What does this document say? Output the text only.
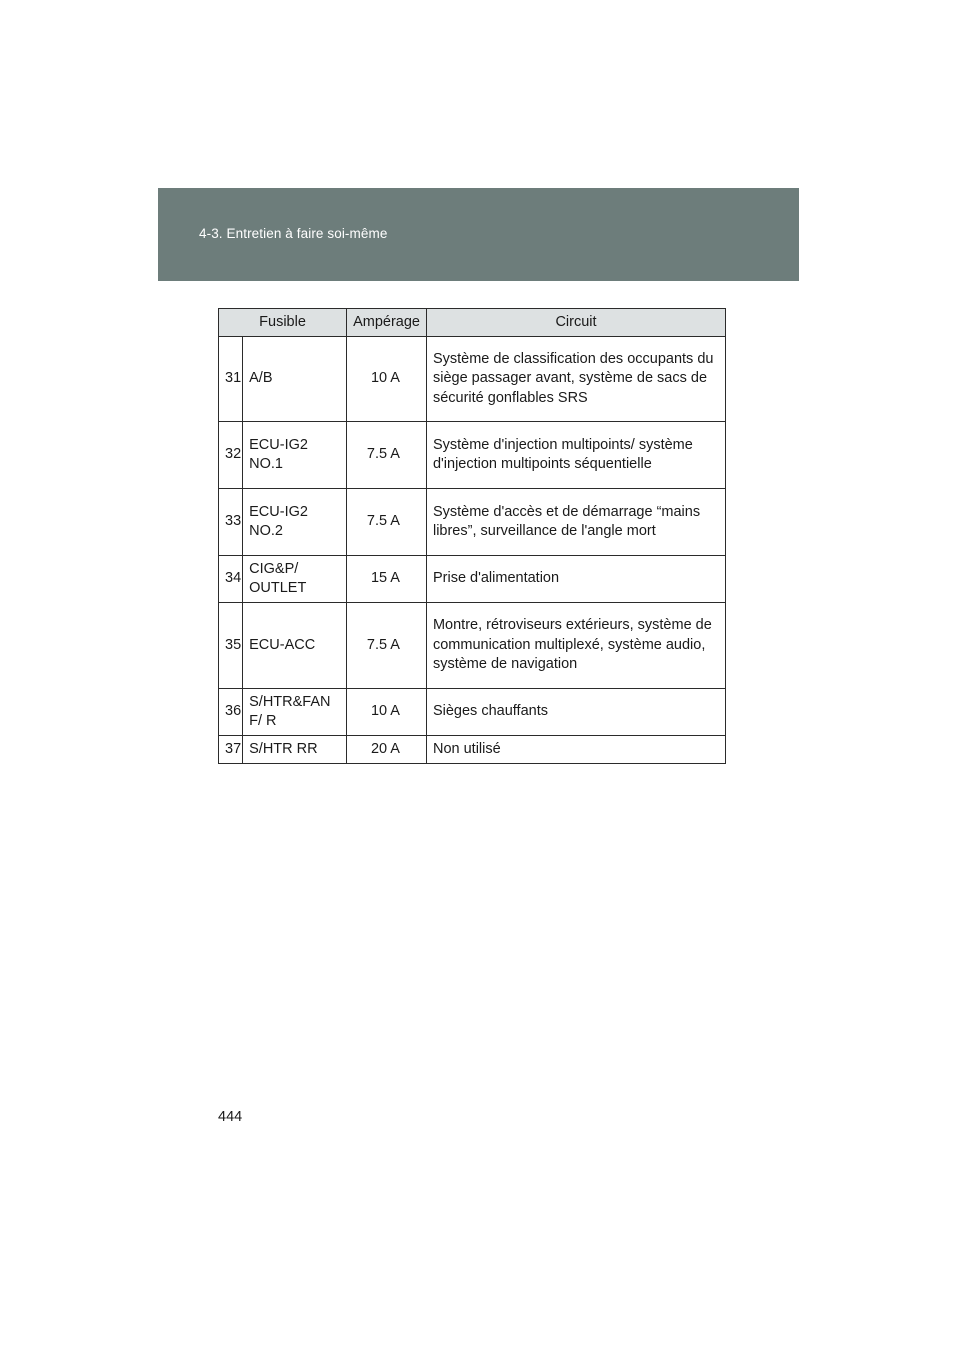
4-3. Entretien à faire soi-même
Fusible		Ampérage	Circuit
31	A/B	10 A	Système de classification des occupants du siège passager avant, système de sacs de sécurité gonflables SRS
32	ECU-IG2 NO.1	7.5 A	Système d'injection multipoints/ système d'injection multipoints séquentielle
33	ECU-IG2 NO.2	7.5 A	Système d'accès et de démarrage “mains libres”, surveillance de l'angle mort
34	CIG&P/ OUTLET	15 A	Prise d'alimentation
35	ECU-ACC	7.5 A	Montre, rétroviseurs extérieurs, système de communication multiplexé, système audio, système de navigation
36	S/HTR&FAN F/ R	10 A	Sièges chauffants
37	S/HTR RR	20 A	Non utilisé
444
